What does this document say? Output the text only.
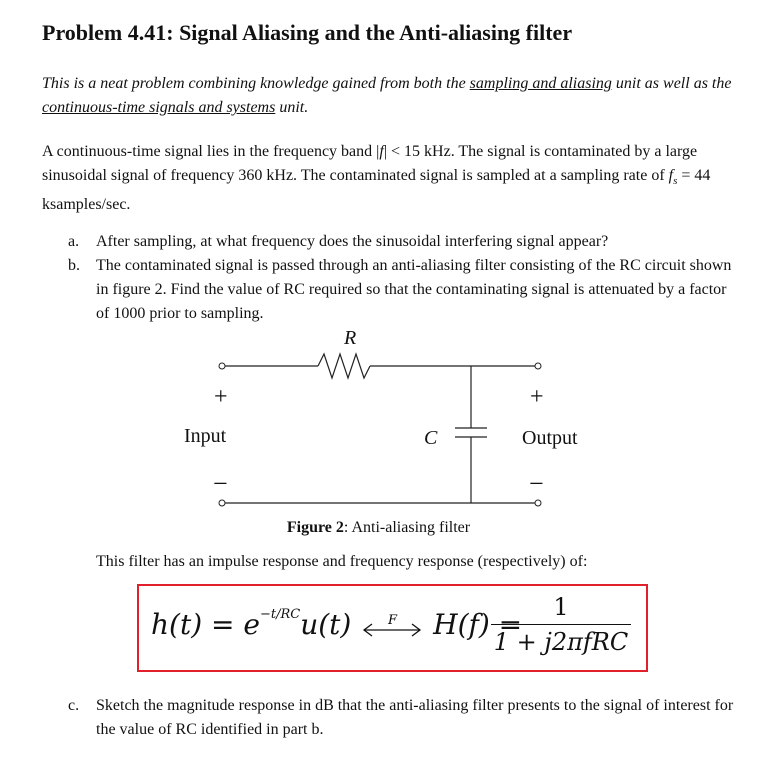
Problem 4.41: Signal Aliasing and the Anti-aliasing filter
This is a neat problem combining knowledge gained from both the sampling and aliasing unit as well as the continuous-time signals and systems unit.
A continuous-time signal lies in the frequency band |f| < 15 kHz. The signal is contaminated by a large sinusoidal signal of frequency 360 kHz. The contaminated signal is sampled at a sampling rate of $f_s = 44$ ksamples/sec.
a.	After sampling, at what frequency does the sinusoidal interfering signal appear?
b.	The contaminated signal is passed through an anti-aliasing filter consisting of the RC circuit shown in figure 2. Find the value of RC required so that the contaminating signal is attenuated by a factor of 1000 prior to sampling.
R
+	+
Input	C	Output
−	−
Figure 2: Anti-aliasing filter
This filter has an impulse response and frequency response (respectively) of:
$h(t) = e^{-t/RC}u(t)$	F H(f) =
1
1 + j2πfRC
c.	Sketch the magnitude response in dB that the anti-aliasing filter presents to the signal of interest for the value of RC identified in part b.
